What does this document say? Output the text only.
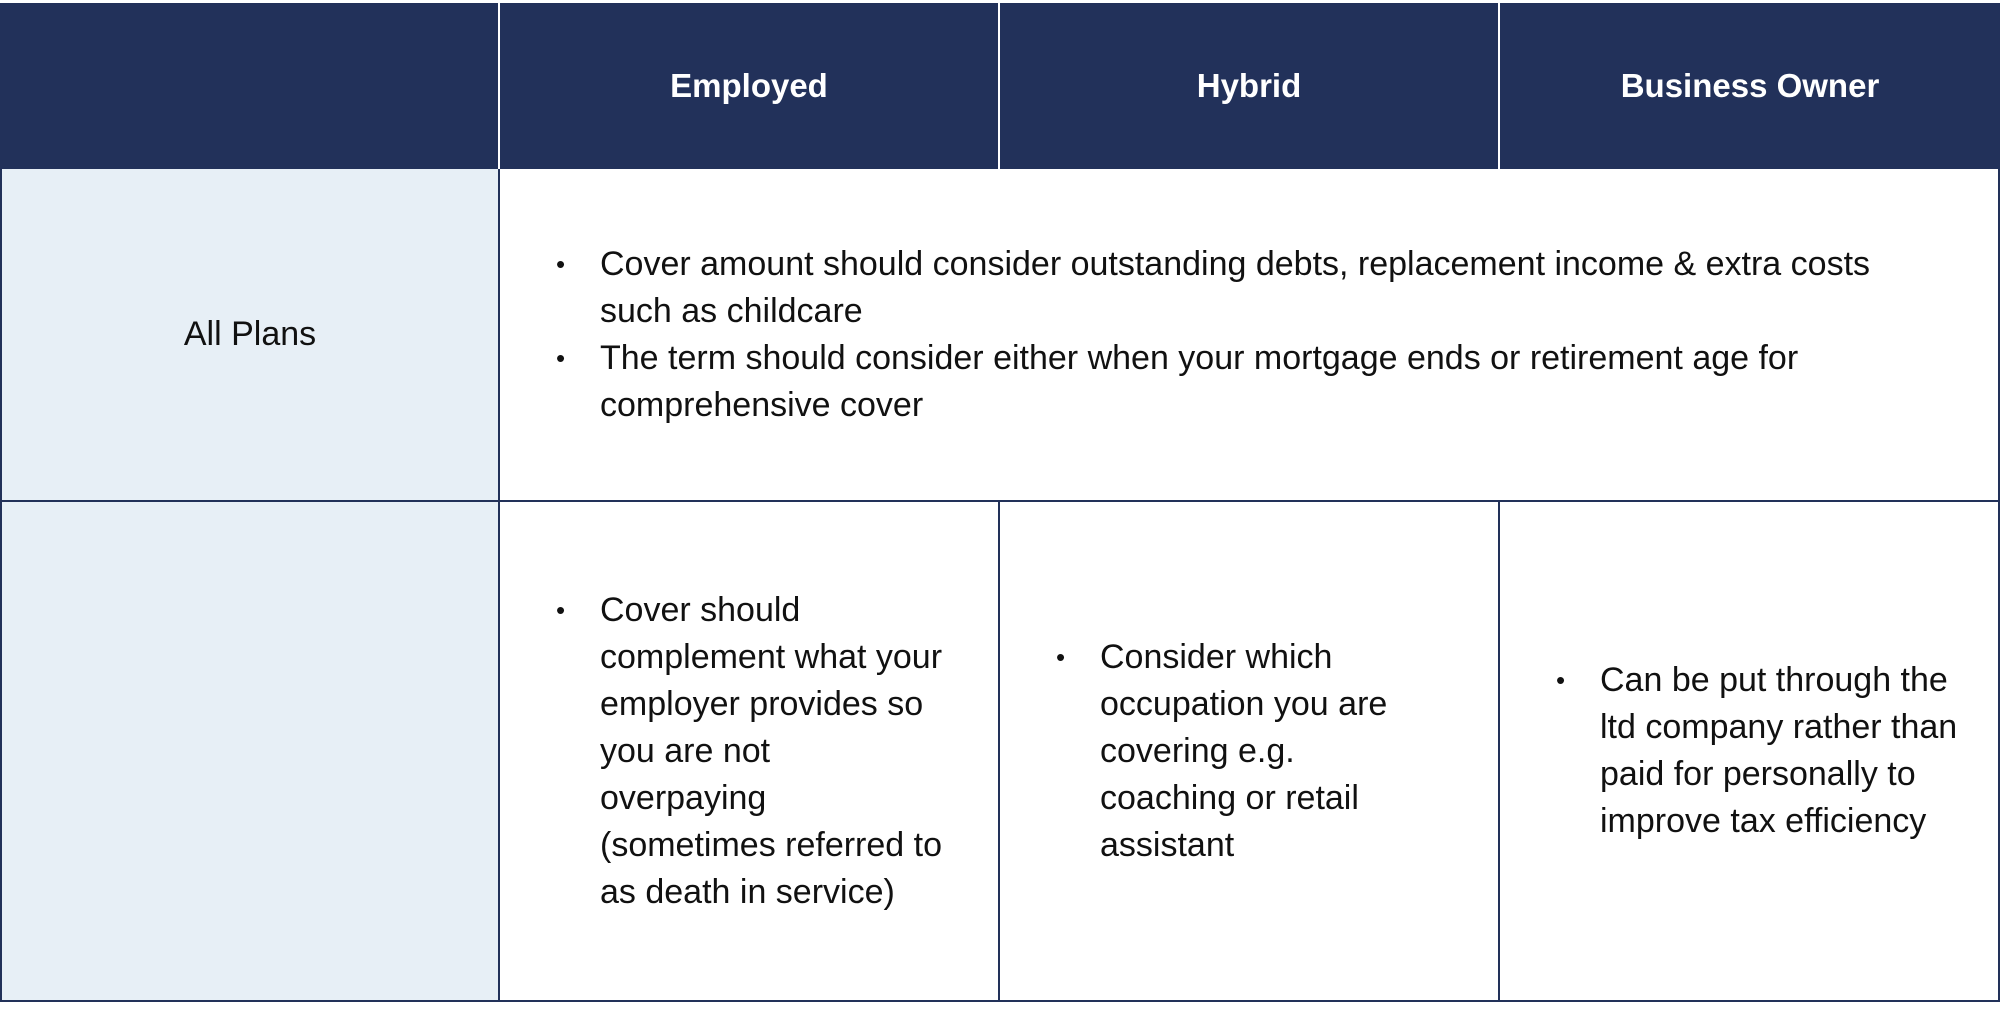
Employed	Hybrid	Business Owner
All Plans
• Cover amount should consider outstanding debts, replacement income & extra costs such as childcare
• The term should consider either when your mortgage ends or retirement age for comprehensive cover
• Cover should complement what your employer provides so you are not overpaying (sometimes referred to as death in service)
• Consider which occupation you are covering e.g. coaching or retail assistant
• Can be put through the ltd company rather than paid for personally to improve tax efficiency
